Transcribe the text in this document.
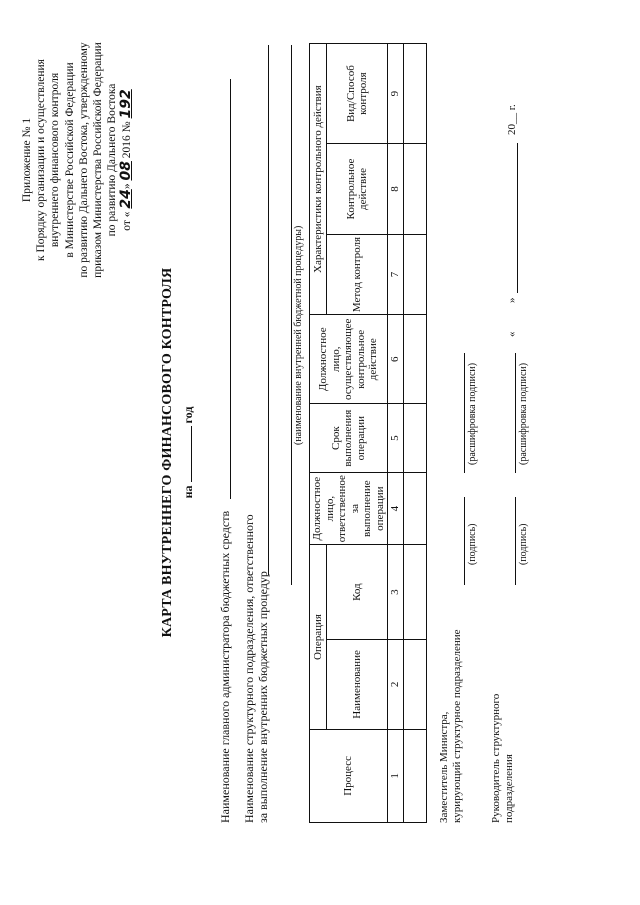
Приложение № 1 к Порядку организации и осуществления внутреннего финансового контроля в Министерстве Российской Федерации по развитию Дальнего Востока, утвержденному приказом Министерства Российской Федерации по развитию Дальнего Востока от « 24» 08 2016 № 192
КАРТА ВНУТРЕННЕГО ФИНАНСОВОГО КОНТРОЛЯ на  год
Наименование главного администратора бюджетных средств Наименование структурного подразделения, ответственного за выполнение внутренних бюджетных процедур
(наименование внутренней бюджетной процедуры)
Процесс	Операция		Должностное лицо, ответственное за выполнение операции	Срок выполнения операции	Должностное лицо, осуществляющее контрольное действие	Характеристики контрольного действия		
	Наименование	Код				Метод контроля	Контрольное действие	Вид/Способ контроля
1	2	3	4	5	6	7	8	9

Заместитель Министра, курирующий структурное подразделение
(подпись)
(расшифровка подписи)
Руководитель структурного подразделения
(подпись)
(расшифровка подписи)
«
»
20__ г.
